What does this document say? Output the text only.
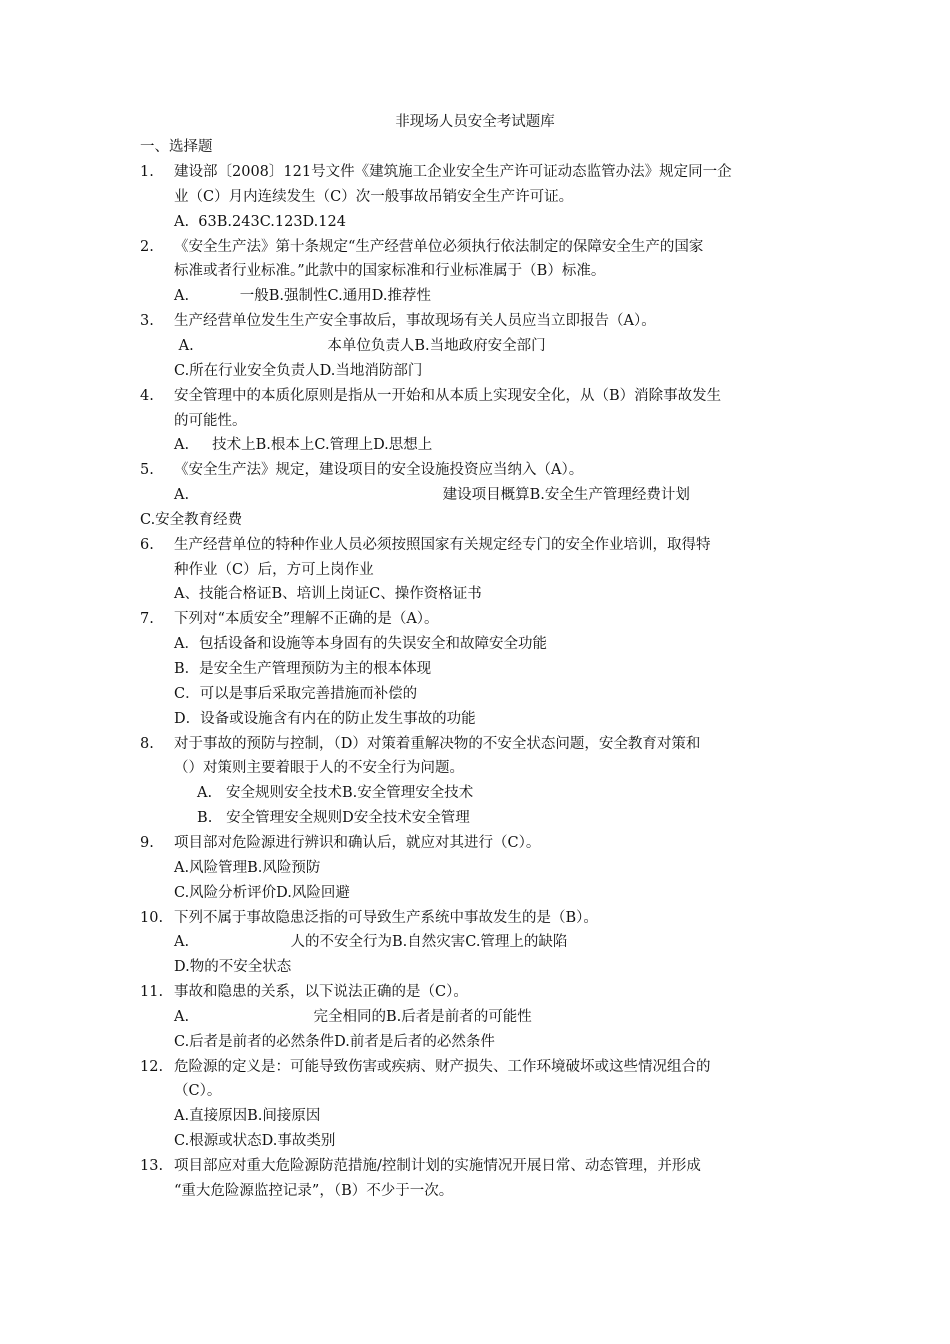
非现场人员安全考试题库
一、选择题
1. 建设部〔2008〕121号文件《建筑施工企业安全生产许可证动态监管办法》规定同一企
业（C）月内连续发生（C）次一般事故吊销安全生产许可证。
A.  63B.243C.123D.124
2. 《安全生产法》第十条规定“生产经营单位必须执行依法制定的保障安全生产的国家
标准或者行业标准。”此款中的国家标准和行业标准属于（B）标准。
A.           一般B.强制性C.通用D.推荐性
3. 生产经营单位发生生产安全事故后，事故现场有关人员应当立即报告（A）。
A.                             本单位负责人B.当地政府安全部门
C.所在行业安全负责人D.当地消防部门
4. 安全管理中的本质化原则是指从一开始和从本质上实现安全化，从（B）消除事故发生
的可能性。
A.     技术上B.根本上C.管理上D.思想上
5. 《安全生产法》规定，建设项目的安全设施投资应当纳入（A）。
A.                                                       建设项目概算B.安全生产管理经费计划
C.安全教育经费
6. 生产经营单位的特种作业人员必须按照国家有关规定经专门的安全作业培训，取得特
种作业（C）后，方可上岗作业
A、技能合格证B、培训上岗证C、操作资格证书
7. 下列对“本质安全”理解不正确的是（A）。
A．包括设备和设施等本身固有的失误安全和故障安全功能
B．是安全生产管理预防为主的根本体现
C．可以是事后采取完善措施而补偿的
D．设备或设施含有内在的防止发生事故的功能
8. 对于事故的预防与控制，（D）对策着重解决物的不安全状态问题，安全教育对策和
（）对策则主要着眼于人的不安全行为问题。
A.   安全规则安全技术B.安全管理安全技术
B.   安全管理安全规则D安全技术安全管理
9. 项目部对危险源进行辨识和确认后，就应对其进行（C）。
A.风险管理B.风险预防
C.风险分析评价D.风险回避
10. 下列不属于事故隐患泛指的可导致生产系统中事故发生的是（B）。
A.                      人的不安全行为B.自然灾害C.管理上的缺陷
D.物的不安全状态
11. 事故和隐患的关系，以下说法正确的是（C）。
A.                           完全相同的B.后者是前者的可能性
C.后者是前者的必然条件D.前者是后者的必然条件
12. 危险源的定义是：可能导致伤害或疾病、财产损失、工作环境破坏或这些情况组合的
（C）。
A.直接原因B.间接原因
C.根源或状态D.事故类别
13. 项目部应对重大危险源防范措施/控制计划的实施情况开展日常、动态管理，并形成
“重大危险源监控记录”，（B）不少于一次。
